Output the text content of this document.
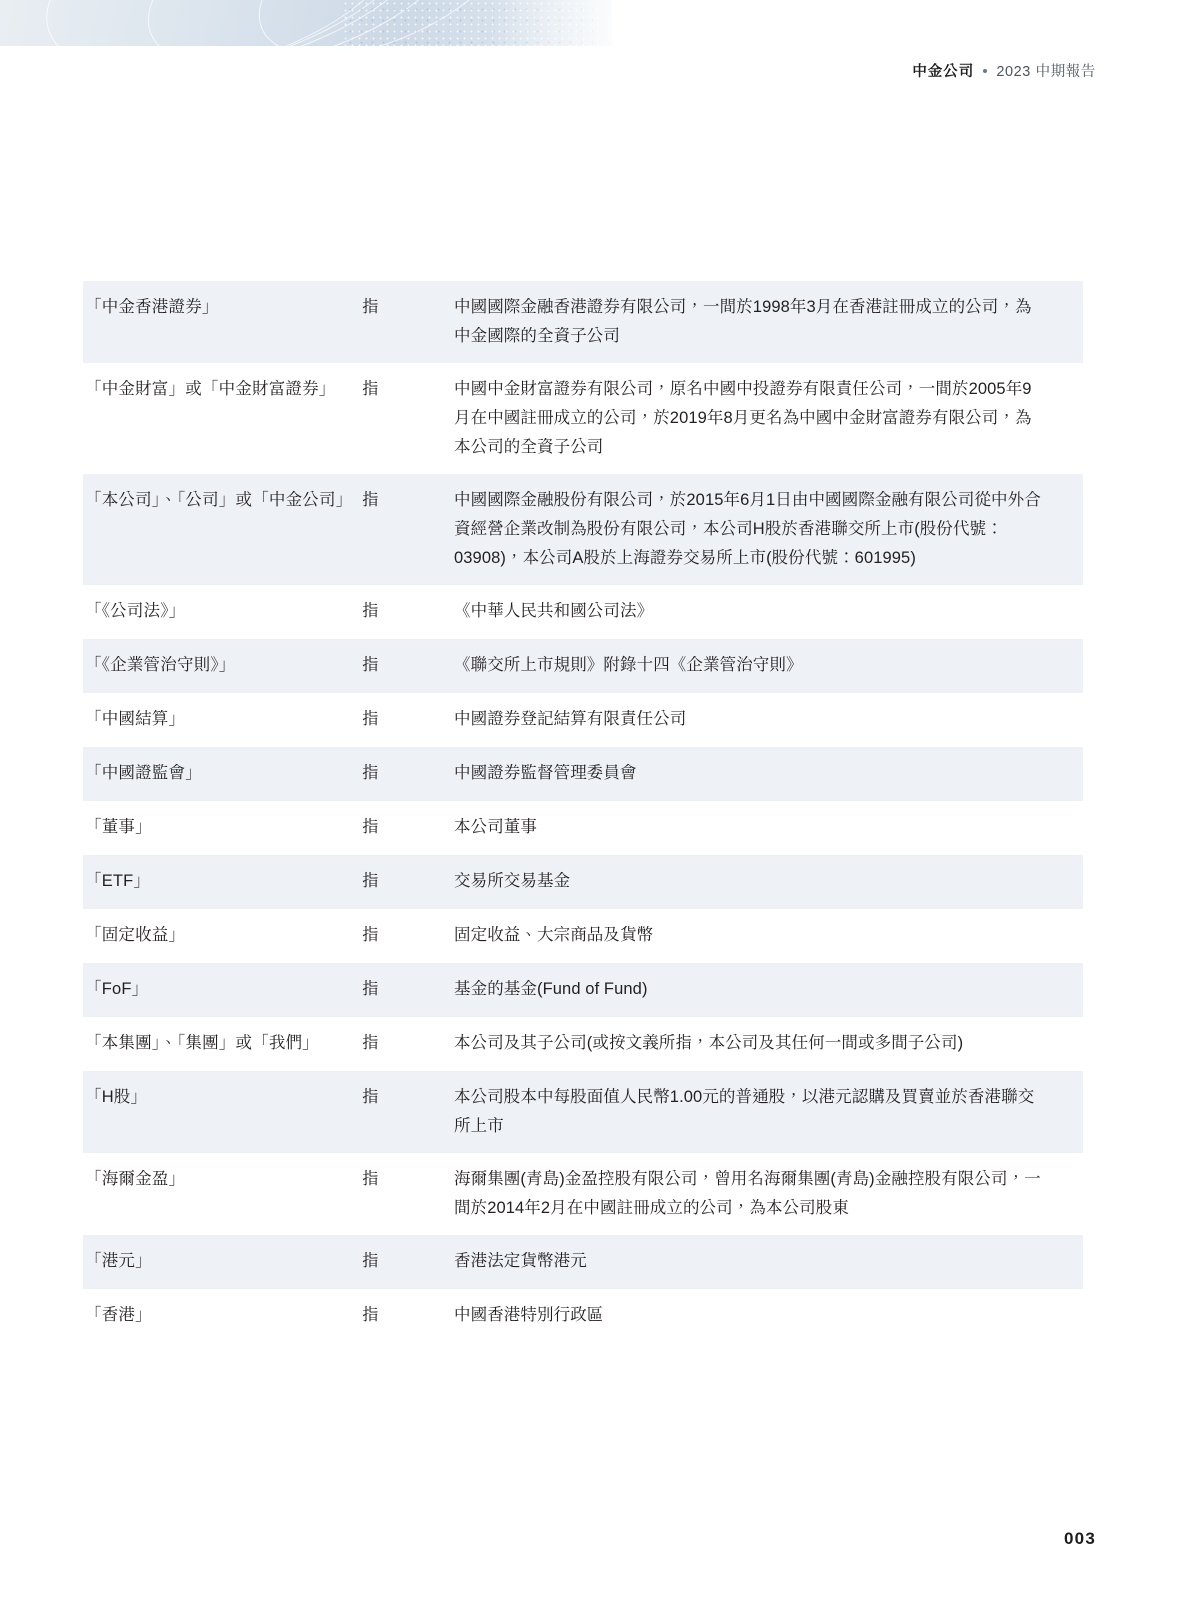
中金公司 2023 中期報告
「中金香港證券」	指	中國國際金融香港證券有限公司，一間於1998年3月在香港註冊成立的公司，為中金國際的全資子公司
「中金財富」或「中金財富證券」	指	中國中金財富證券有限公司，原名中國中投證券有限責任公司，一間於2005年9月在中國註冊成立的公司，於2019年8月更名為中國中金財富證券有限公司，為本公司的全資子公司
「本公司」、「公司」或「中金公司」 指	中國國際金融股份有限公司，於2015年6月1日由中國國際金融有限公司從中外合資經營企業改制為股份有限公司，本公司H股於香港聯交所上市(股份代號：03908)，本公司A股於上海證券交易所上市(股份代號：601995)
「《公司法》」	指	《中華人民共和國公司法》
「《企業管治守則》」	指	《聯交所上市規則》附錄十四《企業管治守則》
「中國結算」	指	中國證券登記結算有限責任公司
「中國證監會」	指	中國證券監督管理委員會
「董事」	指	本公司董事
「ETF」	指	交易所交易基金
「固定收益」	指	固定收益、大宗商品及貨幣
「FoF」	指	基金的基金(Fund of Fund)
「本集團」、「集團」或「我們」	指	本公司及其子公司(或按文義所指，本公司及其任何一間或多間子公司)
「H股」	指	本公司股本中每股面值人民幣1.00元的普通股，以港元認購及買賣並於香港聯交所上市
「海爾金盈」	指	海爾集團(青島)金盈控股有限公司，曾用名海爾集團(青島)金融控股有限公司，一間於2014年2月在中國註冊成立的公司，為本公司股東
「港元」	指	香港法定貨幣港元
「香港」	指	中國香港特別行政區
003
